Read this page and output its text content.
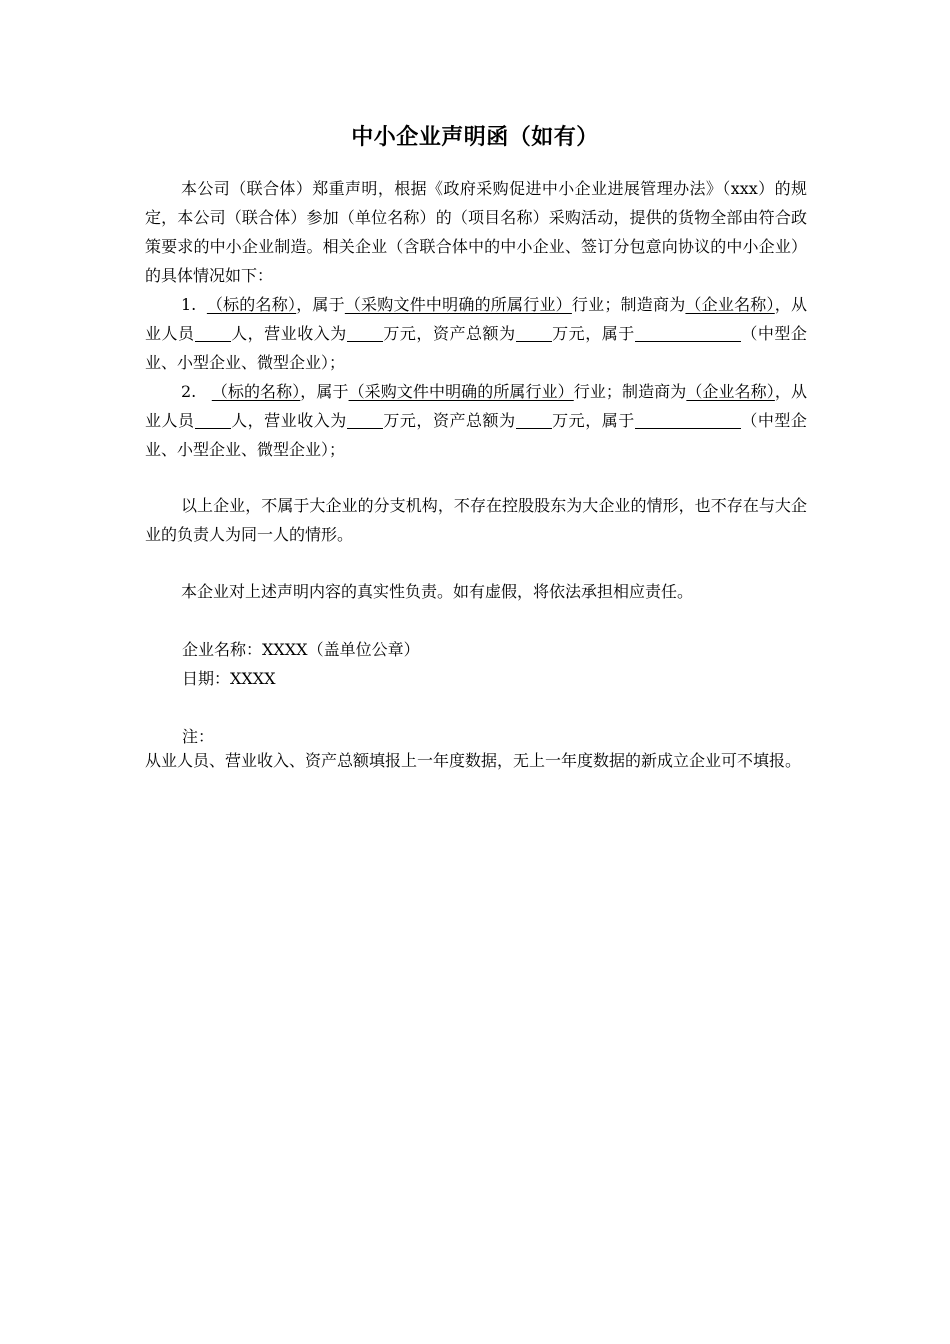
中小企业声明函（如有）
本公司（联合体）郑重声明，根据《政府采购促进中小企业进展管理办法》（xxx）的规定，本公司（联合体）参加（单位名称）的（项目名称）采购活动，提供的货物全部由符合政策要求的中小企业制造。相关企业（含联合体中的中小企业、签订分包意向协议的中小企业）的具体情况如下：
1. （标的名称），属于（采购文件中明确的所属行业）行业；制造商为（企业名称），从业人员 人，营业收入为 万元，资产总额为 万元，属于	（中型企业、小型企业、微型企业）；
2. （标的名称），属于（采购文件中明确的所属行业）行业；制造商为（企业名称），从业人员 人，营业收入为 万元，资产总额为 万元，属于	（中型企业、小型企业、微型企业）；
以上企业，不属于大企业的分支机构，不存在控股股东为大企业的情形，也不存在与大企业的负责人为同一人的情形。
本企业对上述声明内容的真实性负责。如有虚假，将依法承担相应责任。
企业名称：XXXX（盖单位公章）
日期：XXXX
注：
从业人员、营业收入、资产总额填报上一年度数据，无上一年度数据的新成立企业可不填报。
